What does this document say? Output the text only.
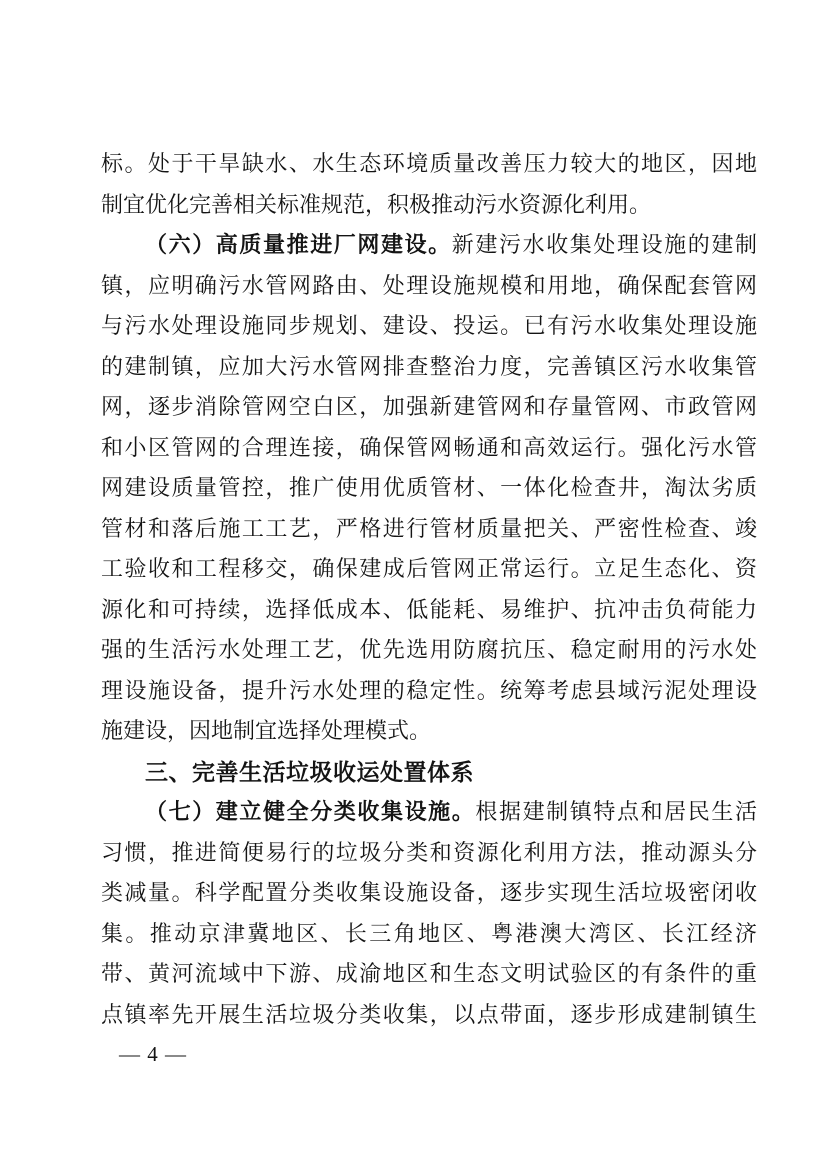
标。处于干旱缺水、水生态环境质量改善压力较大的地区，因地
制宜优化完善相关标准规范，积极推动污水资源化利用。
（六）高质量推进厂网建设。新建污水收集处理设施的建制
镇，应明确污水管网路由、处理设施规模和用地，确保配套管网
与污水处理设施同步规划、建设、投运。已有污水收集处理设施
的建制镇，应加大污水管网排查整治力度，完善镇区污水收集管
网，逐步消除管网空白区，加强新建管网和存量管网、市政管网
和小区管网的合理连接，确保管网畅通和高效运行。强化污水管
网建设质量管控，推广使用优质管材、一体化检查井，淘汰劣质
管材和落后施工工艺，严格进行管材质量把关、严密性检查、竣
工验收和工程移交，确保建成后管网正常运行。立足生态化、资
源化和可持续，选择低成本、低能耗、易维护、抗冲击负荷能力
强的生活污水处理工艺，优先选用防腐抗压、稳定耐用的污水处
理设施设备，提升污水处理的稳定性。统筹考虑县域污泥处理设
施建设，因地制宜选择处理模式。
三、完善生活垃圾收运处置体系
（七）建立健全分类收集设施。根据建制镇特点和居民生活
习惯，推进简便易行的垃圾分类和资源化利用方法，推动源头分
类减量。科学配置分类收集设施设备，逐步实现生活垃圾密闭收
集。推动京津冀地区、长三角地区、粤港澳大湾区、长江经济
带、黄河流域中下游、成渝地区和生态文明试验区的有条件的重
点镇率先开展生活垃圾分类收集，以点带面，逐步形成建制镇生
— 4 —
